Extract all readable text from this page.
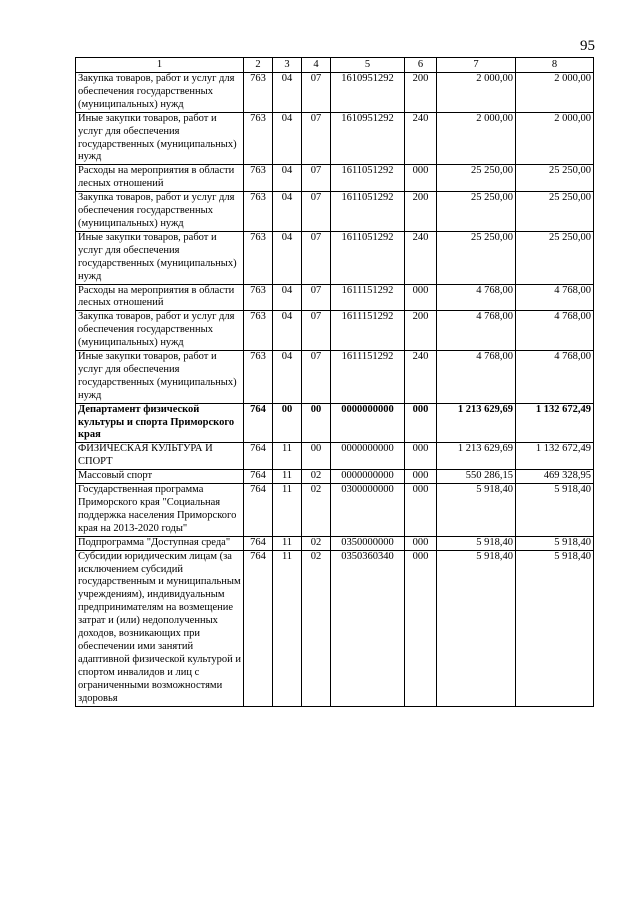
95
1	2	3	4	5	6	7	8
Закупка товаров, работ и услуг для обеспечения государственных (муниципальных) нужд	763	04	07	1610951292	200	2 000,00	2 000,00
Иные закупки товаров, работ и услуг для обеспечения государственных (муниципальных) нужд	763	04	07	1610951292	240	2 000,00	2 000,00
Расходы на мероприятия в области лесных отношений	763	04	07	1611051292	000	25 250,00	25 250,00
Закупка товаров, работ и услуг для обеспечения государственных (муниципальных) нужд	763	04	07	1611051292	200	25 250,00	25 250,00
Иные закупки товаров, работ и услуг для обеспечения государственных (муниципальных) нужд	763	04	07	1611051292	240	25 250,00	25 250,00
Расходы на мероприятия в области лесных отношений	763	04	07	1611151292	000	4 768,00	4 768,00
Закупка товаров, работ и услуг для обеспечения государственных (муниципальных) нужд	763	04	07	1611151292	200	4 768,00	4 768,00
Иные закупки товаров, работ и услуг для обеспечения государственных (муниципальных) нужд	763	04	07	1611151292	240	4 768,00	4 768,00
Департамент физической культуры и спорта Приморского края	764	00	00	0000000000	000	1 213 629,69	1 132 672,49
ФИЗИЧЕСКАЯ КУЛЬТУРА И СПОРТ	764	11	00	0000000000	000	1 213 629,69	1 132 672,49
Массовый спорт	764	11	02	0000000000	000	550 286,15	469 328,95
Государственная программа Приморского края "Социальная поддержка населения Приморского края на 2013-2020 годы"	764	11	02	0300000000	000	5 918,40	5 918,40
Подпрограмма "Доступная среда"	764	11	02	0350000000	000	5 918,40	5 918,40
Субсидии юридическим лицам (за исключением субсидий государственным и муниципальным учреждениям), индивидуальным предпринимателям на возмещение затрат и (или) недополученных доходов, возникающих при обеспечении ими занятий адаптивной физической культурой и спортом инвалидов и лиц с ограниченными возможностями здоровья	764	11	02	0350360340	000	5 918,40	5 918,40
